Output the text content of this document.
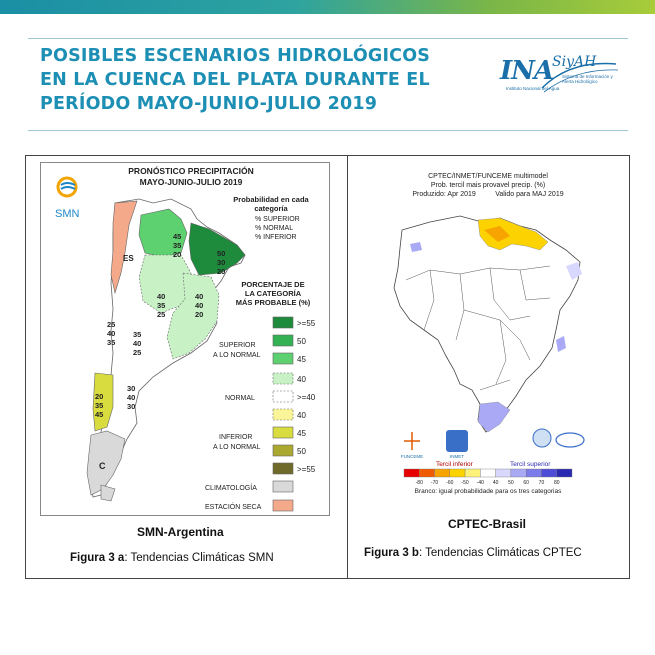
POSIBLES ESCENARIOS HIDROLÓGICOS
EN LA CUENCA DEL PLATA DURANTE EL
PERÍODO MAYO-JUNIO-JULIO 2019
INA
SiyAH
Instituto Nacional del Agua
Sistema de Información y Alerta Hidrológico
PRONÓSTICO PRECIPITACIÓN
MAYO-JUNIO-JULIO 2019
SMN
Probabilidad en cada
categoría
% SUPERIOR
% NORMAL
% INFERIOR
ES
C
45
35
20	50
30
20
40
35
25
40
40
20
25
40
35
35
40
25
30
40
30
20
35
45
PORCENTAJE DE
LA CATEGORÍA
MÁS PROBABLE (%)
SUPERIOR
A LO NORMAL
NORMAL
INFERIOR
A LO NORMAL
CLIMATOLOGÍA
ESTACIÓN SECA
>=55
50
45
40
>=40
40
45
50
>=55
SMN-Argentina
Figura 3 a: Tendencias Climáticas SMN
CPTEC/INMET/FUNCEME multimodel
Prob. tercil mais provavel precip. (%)
Produzido: Apr 2019          Valido para MAJ 2019
FUNCEME	INMET
Tercil inferior	Tercil superior
-80 -70 -60 -50 -40 40 50 60 70 80
Branco: igual probabilidade para os tres categorias
CPTEC-Brasil
Figura 3 b: Tendencias Climáticas CPTEC
